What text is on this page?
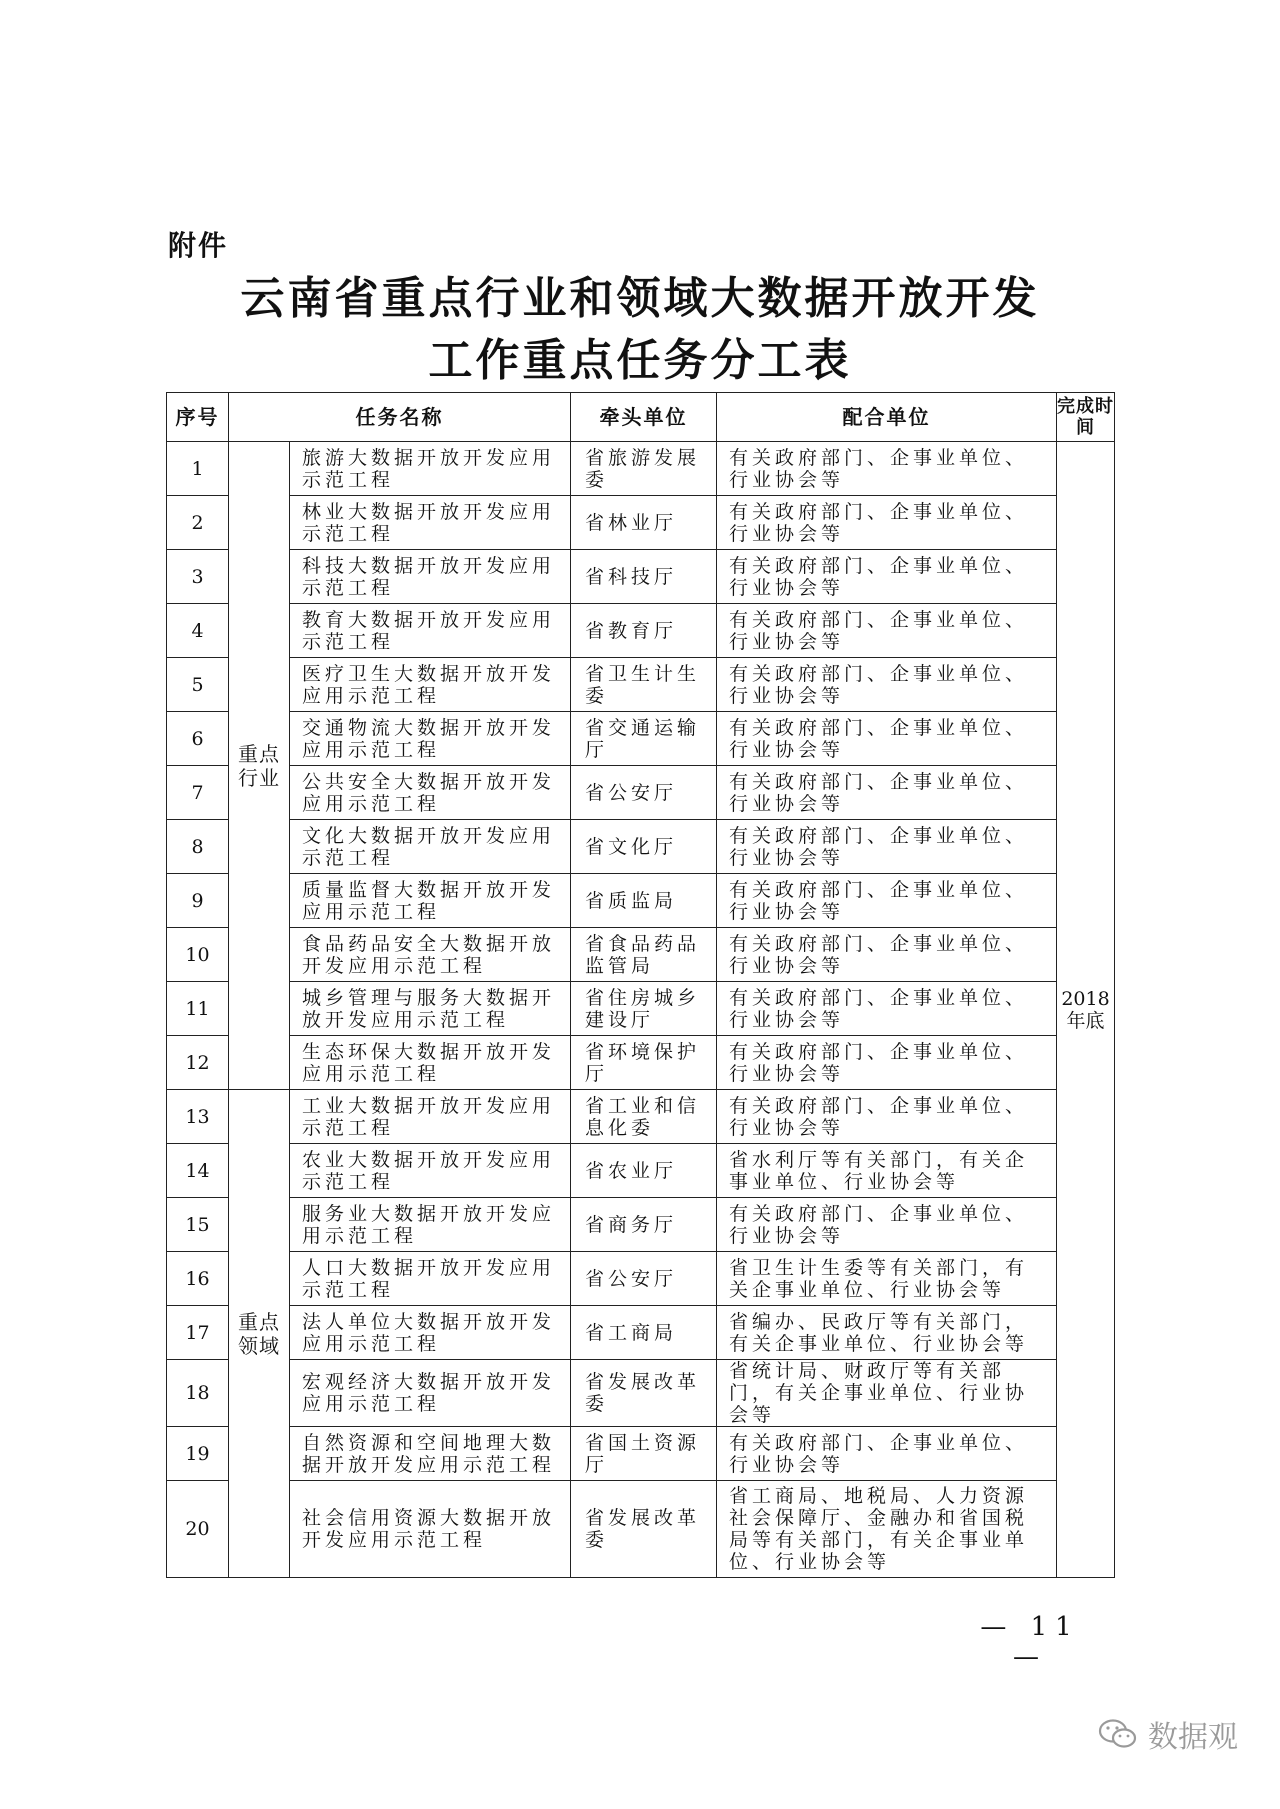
附件
云南省重点行业和领域大数据开放开发
工作重点任务分工表
序号	任务名称		牵头单位	配合单位	完成时间
1	重点行业	旅游大数据开放开发应用示范工程	省旅游发展委	有关政府部门、企事业单位、行业协会等	2018年底
2		林业大数据开放开发应用示范工程	省林业厅	有关政府部门、企事业单位、行业协会等	
3		科技大数据开放开发应用示范工程	省科技厅	有关政府部门、企事业单位、行业协会等	
4		教育大数据开放开发应用示范工程	省教育厅	有关政府部门、企事业单位、行业协会等	
5		医疗卫生大数据开放开发应用示范工程	省卫生计生委	有关政府部门、企事业单位、行业协会等	
6		交通物流大数据开放开发应用示范工程	省交通运输厅	有关政府部门、企事业单位、行业协会等	
7		公共安全大数据开放开发应用示范工程	省公安厅	有关政府部门、企事业单位、行业协会等	
8		文化大数据开放开发应用示范工程	省文化厅	有关政府部门、企事业单位、行业协会等	
9		质量监督大数据开放开发应用示范工程	省质监局	有关政府部门、企事业单位、行业协会等	
10		食品药品安全大数据开放开发应用示范工程	省食品药品监管局	有关政府部门、企事业单位、行业协会等	
11		城乡管理与服务大数据开放开发应用示范工程	省住房城乡建设厅	有关政府部门、企事业单位、行业协会等	
12		生态环保大数据开放开发应用示范工程	省环境保护厅	有关政府部门、企事业单位、行业协会等	
13	重点领域	工业大数据开放开发应用示范工程	省工业和信息化委	有关政府部门、企事业单位、行业协会等	
14		农业大数据开放开发应用示范工程	省农业厅	省水利厅等有关部门，有关企事业单位、行业协会等	
15		服务业大数据开放开发应用示范工程	省商务厅	有关政府部门、企事业单位、行业协会等	
16		人口大数据开放开发应用示范工程	省公安厅	省卫生计生委等有关部门，有关企事业单位、行业协会等	
17		法人单位大数据开放开发应用示范工程	省工商局	省编办、民政厅等有关部门，有关企事业单位、行业协会等	
18		宏观经济大数据开放开发应用示范工程	省发展改革委	省统计局、财政厅等有关部门，有关企事业单位、行业协会等	
19		自然资源和空间地理大数据开放开发应用示范工程	省国土资源厅	有关政府部门、企事业单位、行业协会等	
20		社会信用资源大数据开放开发应用示范工程	省发展改革委	省工商局、地税局、人力资源社会保障厅、金融办和省国税局等有关部门，有关企事业单位、行业协会等	
— 11 —
数据观
